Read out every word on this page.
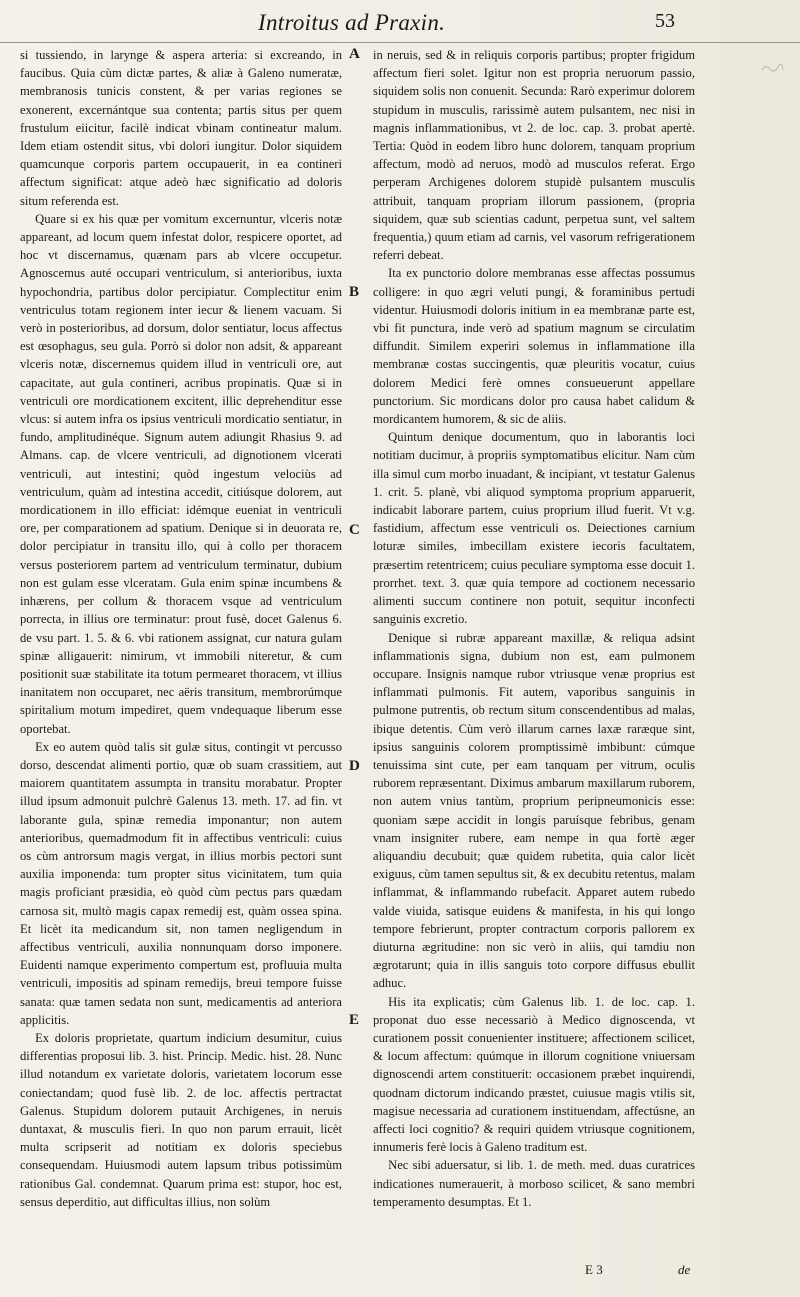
Introitus ad Praxin.	53

si tussiendo, in larynge & aspera arteria: si excreando, in faucibus. Quia cùm dictæ partes, & aliæ à Galeno numeratæ, membranosis tunicis constent, & per varias regiones se exonerent, excernántque sua contenta; partis situs per quem frustulum eiicitur, facilè indicat vbinam contineatur malum. Idem etiam ostendit situs, vbi dolori iungitur. Dolor siquidem quamcunque corporis partem occupauerit, in ea contineri affectum significat: atque adeò hæc significatio ad doloris situm referenda est.

Quare si ex his quæ per vomitum excernuntur, vlceris notæ appareant, ad locum quem infestat dolor, respicere oportet, ad hoc vt discernamus, quænam pars ab vlcere occupetur. Agnoscemus auté occupari ventriculum, si anterioribus, iuxta hypochondria, partibus dolor percipiatur. Complectitur enim ventriculus totam regionem inter iecur & lienem vacuam. Si verò in posterioribus, ad dorsum, dolor sentiatur, locus affectus est œsophagus, seu gula. Porrò si dolor non adsit, & appareant vlceris notæ, discernemus quidem illud in ventriculi ore, aut capacitate, aut gula contineri, acribus propinatis. Quæ si in ventriculi ore mordicationem excitent, illic deprehenditur esse vlcus: si autem infra os ipsius ventriculi mordicatio sentiatur, in fundo, amplitudinéque. Signum autem adiungit Rhasius 9. ad Almans. cap. de vlcere ventriculi, ad dignotionem vlcerati ventriculi, aut intestini; quòd ingestum velociùs ad ventriculum, quàm ad intestina accedit, citiúsque dolorem, aut mordicationem in illo efficiat: idémque eueniat in ventriculi ore, per comparationem ad spatium. Denique si in deuorata re, dolor percipiatur in transitu illo, qui à collo per thoracem versus posteriorem partem ad ventriculum terminatur, dubium non est gulam esse vlceratam. Gula enim spinæ incumbens & inhærens, per collum & thoracem vsque ad ventriculum porrecta, in illius ore terminatur: prout fusè, docet Galenus 6. de vsu part. 1. 5. & 6. vbi rationem assignat, cur natura gulam spinæ alligauerit: nimirum, vt immobili niteretur, & cum positionit suæ stabilitate ita totum permearet thoracem, vt illius inanitatem non occuparet, nec aëris transitum, membrorúmque spiritalium motum impediret, quem vndequaque liberum esse oportebat.

Ex eo autem quòd talis sit gulæ situs, contingit vt percusso dorso, descendat alimenti portio, quæ ob suam crassitiem, aut maiorem quantitatem assumpta in transitu morabatur. Propter illud ipsum admonuit pulchrè Galenus 13. meth. 17. ad fin. vt laborante gula, spinæ remedia imponantur; non autem anterioribus, quemadmodum fit in affectibus ventriculi: cuius os cùm antrorsum magis vergat, in illius morbis pectori sunt auxilia imponenda: tum propter situs vicinitatem, tum quia magis proficiant præsidia, eò quòd cùm pectus pars quædam carnosa sit, multò magis capax remedij est, quàm ossea spina. Et licèt ita medicandum sit, non tamen negligendum in affectibus ventriculi, auxilia nonnunquam dorso imponere. Euidenti namque experimento compertum est, profluuia multa ventriculi, impositis ad spinam remedijs, breui tempore fuisse sanata: quæ tamen sedata non sunt, medicamentis ad anteriora applicitis.

Ex doloris proprietate, quartum indicium desumitur, cuius differentias proposui lib. 3. hist. Princip. Medic. hist. 28. Nunc illud notandum ex varietate doloris, varietatem locorum esse coniectandam; quod fusè lib. 2. de loc. affectis pertractat Galenus. Stupidum dolorem putauit Archigenes, in neruis duntaxat, & musculis fieri. In quo non parum errauit, licèt multa scripserit ad notitiam ex doloris speciebus consequendam. Huiusmodi autem lapsum tribus potissimùm rationibus Gal. condemnat. Quarum prima est: stupor, hoc est, sensus deperditio, aut difficultas illius, non solùm

A
B
C
D
E

in neruis, sed & in reliquis corporis partibus; propter frigidum affectum fieri solet. Igitur non est propria neruorum passio, siquidem solis non conuenit. Secunda: Rarò experimur dolorem stupidum in musculis, rarissimè autem pulsantem, nec nisi in magnis inflammationibus, vt 2. de loc. cap. 3. probat apertè. Tertia: Quòd in eodem libro hunc dolorem, tanquam proprium affectum, modò ad neruos, modò ad musculos referat. Ergo perperam Archigenes dolorem stupidè pulsantem musculis attribuit, tanquam propriam illorum passionem, (propria siquidem, quæ sub scientias cadunt, perpetua sunt, vel saltem frequentia,) quum etiam ad carnis, vel vasorum refrigerationem referri debeat.

Ita ex punctorio dolore membranas esse affectas possumus colligere: in quo ægri veluti pungi, & foraminibus pertudi videntur. Huiusmodi doloris initium in ea membranæ parte est, vbi fit punctura, inde verò ad spatium magnum se circulatim diffundit. Similem experiri solemus in inflammatione illa membranæ costas succingentis, quæ pleuritis vocatur, cuius dolorem Medici ferè omnes consueuerunt appellare punctorium. Sic mordicans dolor pro causa habet calidum & mordicantem humorem, & sic de aliis.

Quintum denique documentum, quo in laborantis loci notitiam ducimur, à propriis symptomatibus elicitur. Nam cùm illa simul cum morbo inuadant, & incipiant, vt testatur Galenus 1. crit. 5. planè, vbi aliquod symptoma proprium apparuerit, indicabit laborare partem, cuius proprium illud fuerit. Vt v.g. fastidium, affectum esse ventriculi os. Deiectiones carnium loturæ similes, imbecillam existere iecoris facultatem, præsertim retentricem; cuius peculiare symptoma esse docuit 1. prorrhet. text. 3. quæ quia tempore ad coctionem necessario alimenti succum continere non potuit, sequitur inconfecti sanguinis excretio.

Denique si rubræ appareant maxillæ, & reliqua adsint inflammationis signa, dubium non est, eam pulmonem occupare. Insignis namque rubor vtriusque venæ proprius est inflammati pulmonis. Fit autem, vaporibus sanguinis in pulmone putrentis, ob rectum situm conscendentibus ad malas, ibique detentis. Cùm verò illarum carnes laxæ raræque sint, ipsius sanguinis colorem promptissimè imbibunt: cúmque tenuissima sint cute, per eam tanquam per vitrum, oculis ruborem repræsentant. Diximus ambarum maxillarum ruborem, non autem vnius tantùm, proprium peripneumonicis esse: quoniam sæpe accidit in longis paruísque febribus, genam vnam insigniter rubere, eam nempe in qua fortè æger aliquandiu decubuit; quæ quidem rubetita, quia calor licèt exiguus, cùm tamen sepultus sit, & ex decubitu retentus, malam inflammat, & inflammando rubefacit. Apparet autem rubedo valde viuida, satisque euidens & manifesta, in his qui longo tempore febrierunt, propter contractum corporis pallorem ex diuturna ægritudine: non sic verò in aliis, qui tamdiu non ægrotarunt; quia in illis sanguis toto corpore diffusus ebullit adhuc.

His ita explicatis; cùm Galenus lib. 1. de loc. cap. 1. proponat duo esse necessariò à Medico dignoscenda, vt curationem possit conuenienter instituere; affectionem scilicet, & locum affectum: quúmque in illorum cognitione vniuersam dignoscendi artem constituerit: occasionem præbet inquirendi, quodnam dictorum indicando præstet, cuiusue magis vtilis sit, magisue necessaria ad curationem instituendam, affectúsne, an affecti loci cognitio? & requiri quidem vtriusque cognitionem, innumeris ferè locis à Galeno traditum est.

Nec sibi aduersatur, si lib. 1. de meth. med. duas curatrices indicationes numerauerit, à morboso scilicet, & sano membri temperamento desumptas. Et 1.

E 3	de
